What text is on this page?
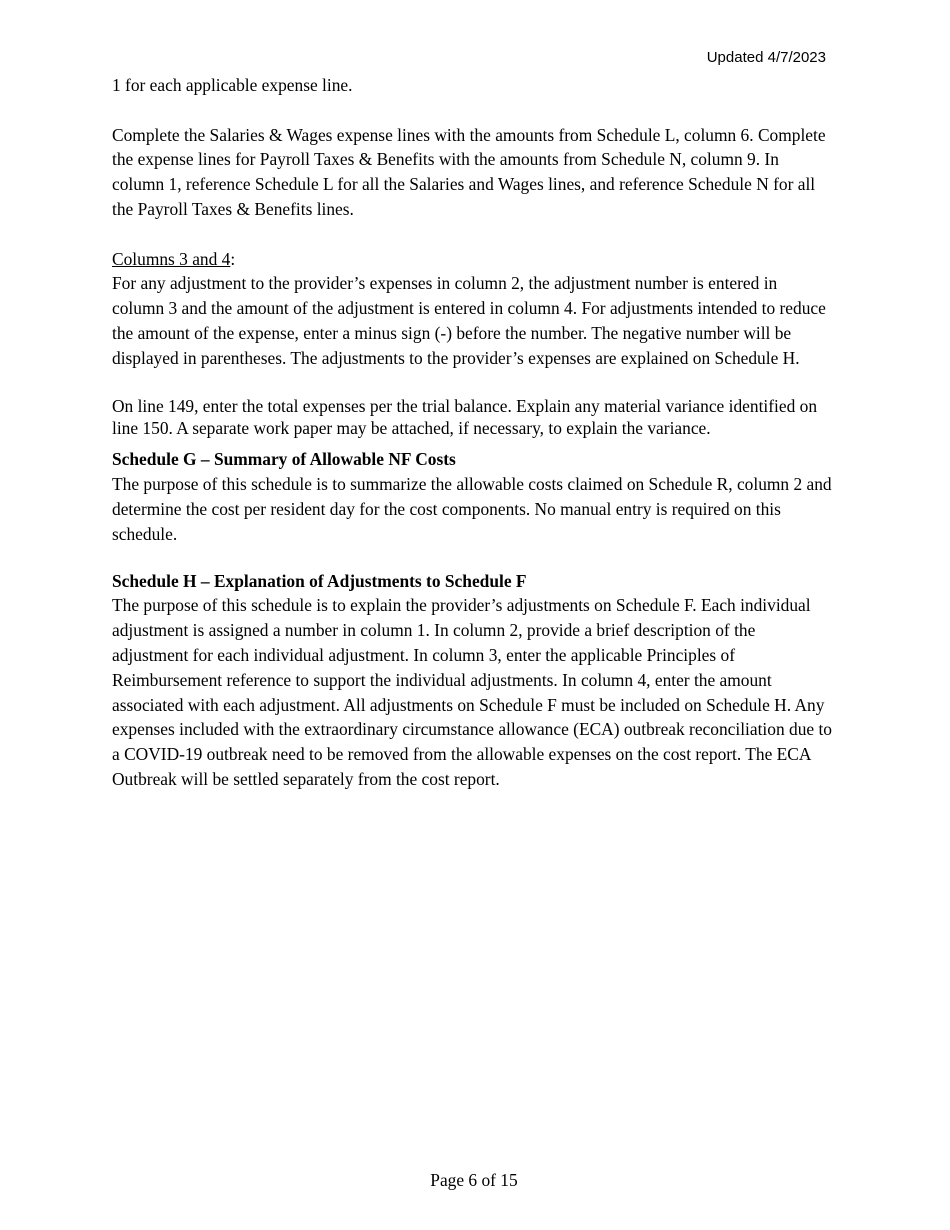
Updated 4/7/2023

1 for each applicable expense line.

Complete the Salaries & Wages expense lines with the amounts from Schedule L, column 6. Complete the expense lines for Payroll Taxes & Benefits with the amounts from Schedule N, column 9. In column 1, reference Schedule L for all the Salaries and Wages lines, and reference Schedule N for all the Payroll Taxes & Benefits lines.

Columns 3 and 4:

For any adjustment to the provider’s expenses in column 2, the adjustment number is entered in column 3 and the amount of the adjustment is entered in column 4. For adjustments intended to reduce the amount of the expense, enter a minus sign (-) before the number. The negative number will be displayed in parentheses. The adjustments to the provider’s expenses are explained on Schedule H.

On line 149, enter the total expenses per the trial balance. Explain any material variance identified on line 150. A separate work paper may be attached, if necessary, to explain the variance.

Schedule G – Summary of Allowable NF Costs

The purpose of this schedule is to summarize the allowable costs claimed on Schedule R, column 2 and determine the cost per resident day for the cost components. No manual entry is required on this schedule.

Schedule H – Explanation of Adjustments to Schedule F

The purpose of this schedule is to explain the provider’s adjustments on Schedule F. Each individual adjustment is assigned a number in column 1. In column 2, provide a brief description of the adjustment for each individual adjustment. In column 3, enter the applicable Principles of Reimbursement reference to support the individual adjustments. In column 4, enter the amount associated with each adjustment. All adjustments on Schedule F must be included on Schedule H. Any expenses included with the extraordinary circumstance allowance (ECA) outbreak reconciliation due to a COVID-19 outbreak need to be removed from the allowable expenses on the cost report. The ECA Outbreak will be settled separately from the cost report.

Page 6 of 15
